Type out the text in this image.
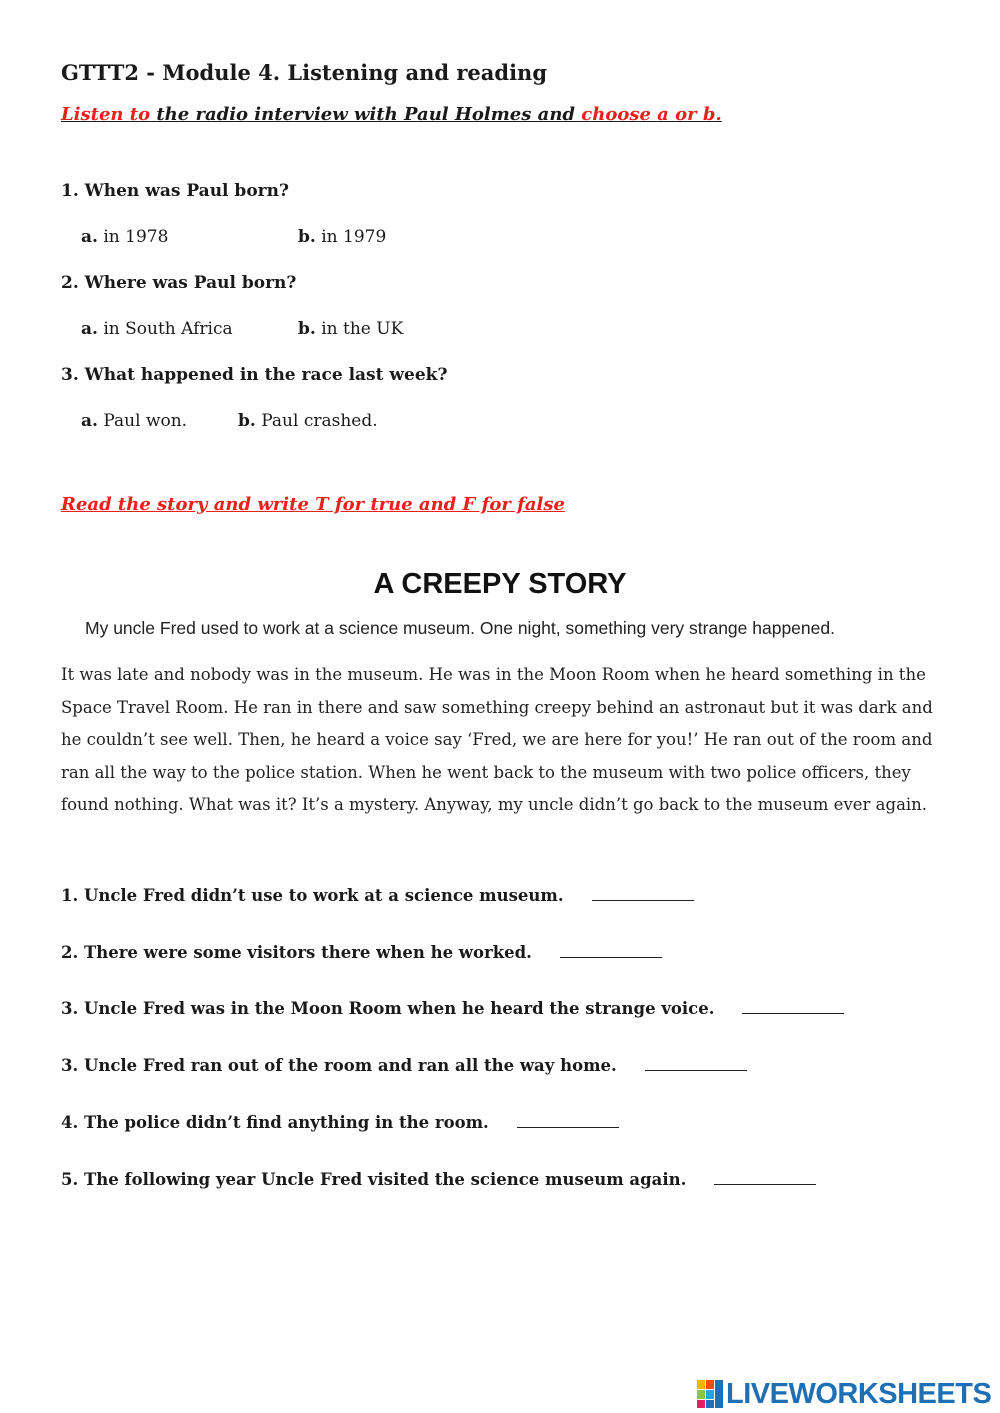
GTTT2 - Module 4. Listening and reading
Listen to the radio interview with Paul Holmes and choose a or b.
1. When was Paul born?
a. in 1978	b. in 1979
2. Where was Paul born?
a. in South Africa	b. in the UK
3. What happened in the race last week?
a. Paul won.	b. Paul crashed.
Read the story and write T for true and F for false
A CREEPY STORY
My uncle Fred used to work at a science museum. One night, something very strange happened.
It was late and nobody was in the museum. He was in the Moon Room when he heard something in the Space Travel Room. He ran in there and saw something creepy behind an astronaut but it was dark and he couldn’t see well. Then, he heard a voice say ‘Fred, we are here for you!’ He ran out of the room and ran all the way to the police station. When he went back to the museum with two police officers, they found nothing. What was it? It’s a mystery. Anyway, my uncle didn’t go back to the museum ever again.
1. Uncle Fred didn’t use to work at a science museum.
2. There were some visitors there when he worked.
3. Uncle Fred was in the Moon Room when he heard the strange voice.
3. Uncle Fred ran out of the room and ran all the way home.
4. The police didn’t find anything in the room.
5. The following year Uncle Fred visited the science museum again.
LIVEWORKSHEETS
